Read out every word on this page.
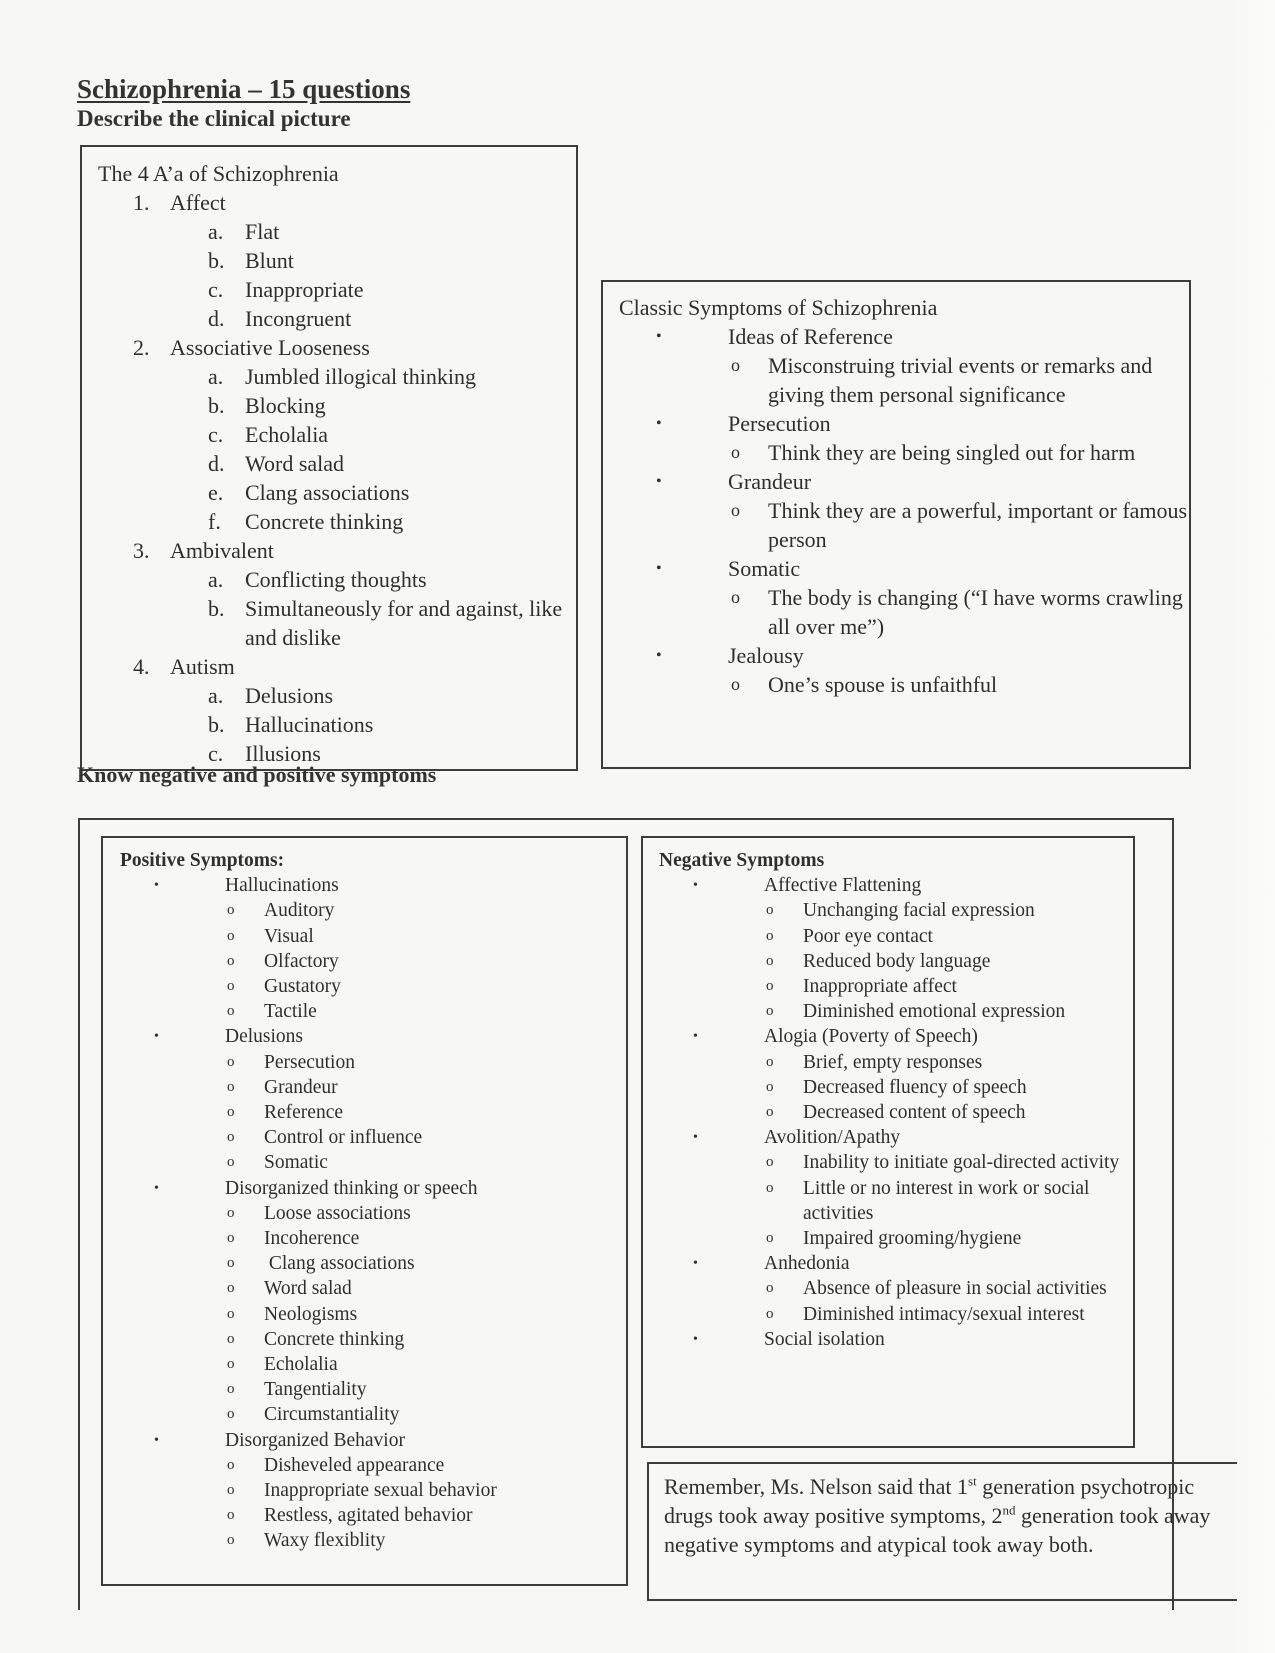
Schizophrenia – 15 questions
Describe the clinical picture
The 4 A’a of Schizophrenia
1. Affect
a. Flat
b. Blunt
c. Inappropriate
d. Incongruent
2. Associative Looseness
a. Jumbled illogical thinking
b. Blocking
c. Echolalia
d. Word salad
e. Clang associations
f.	Concrete thinking
3. Ambivalent
a. Conflicting thoughts
b. Simultaneously for and against, like and dislike
4. Autism
a. Delusions
b. Hallucinations
c. Illusions
Classic Symptoms of Schizophrenia
•	Ideas of Reference
o	Misconstruing trivial events or remarks and giving them personal significance
•	Persecution
o	Think they are being singled out for harm
•	Grandeur
o	Think they are a powerful, important or famous person
•	Somatic
o	The body is changing (“I have worms crawling all over me”)
•	Jealousy
o	One’s spouse is unfaithful
Know negative and positive symptoms
Positive Symptoms:
•	Hallucinations
o	Auditory
o	Visual
o	Olfactory
o	Gustatory
o	Tactile
•	Delusions
o	Persecution
o	Grandeur
o	Reference
o	Control or influence
o	Somatic
•	Disorganized thinking or speech
o	Loose associations
o	Incoherence
o	Clang associations
o	Word salad
o	Neologisms
o	Concrete thinking
o	Echolalia
o	Tangentiality
o	Circumstantiality
•	Disorganized Behavior
o	Disheveled appearance
o	Inappropriate sexual behavior
o	Restless, agitated behavior
o	Waxy flexiblity
Negative Symptoms
•	Affective Flattening
o	Unchanging facial expression
o	Poor eye contact
o	Reduced body language
o	Inappropriate affect
o	Diminished emotional expression
•	Alogia (Poverty of Speech)
o	Brief, empty responses
o	Decreased fluency of speech
o	Decreased content of speech
•	Avolition/Apathy
o	Inability to initiate goal-directed activity
o	Little or no interest in work or social activities
o	Impaired grooming/hygiene
•	Anhedonia
o	Absence of pleasure in social activities
o	Diminished intimacy/sexual interest
•	Social isolation
Remember, Ms. Nelson said that 1st generation psychotropic drugs took away positive symptoms, 2nd generation took away negative symptoms and atypical took away both.
